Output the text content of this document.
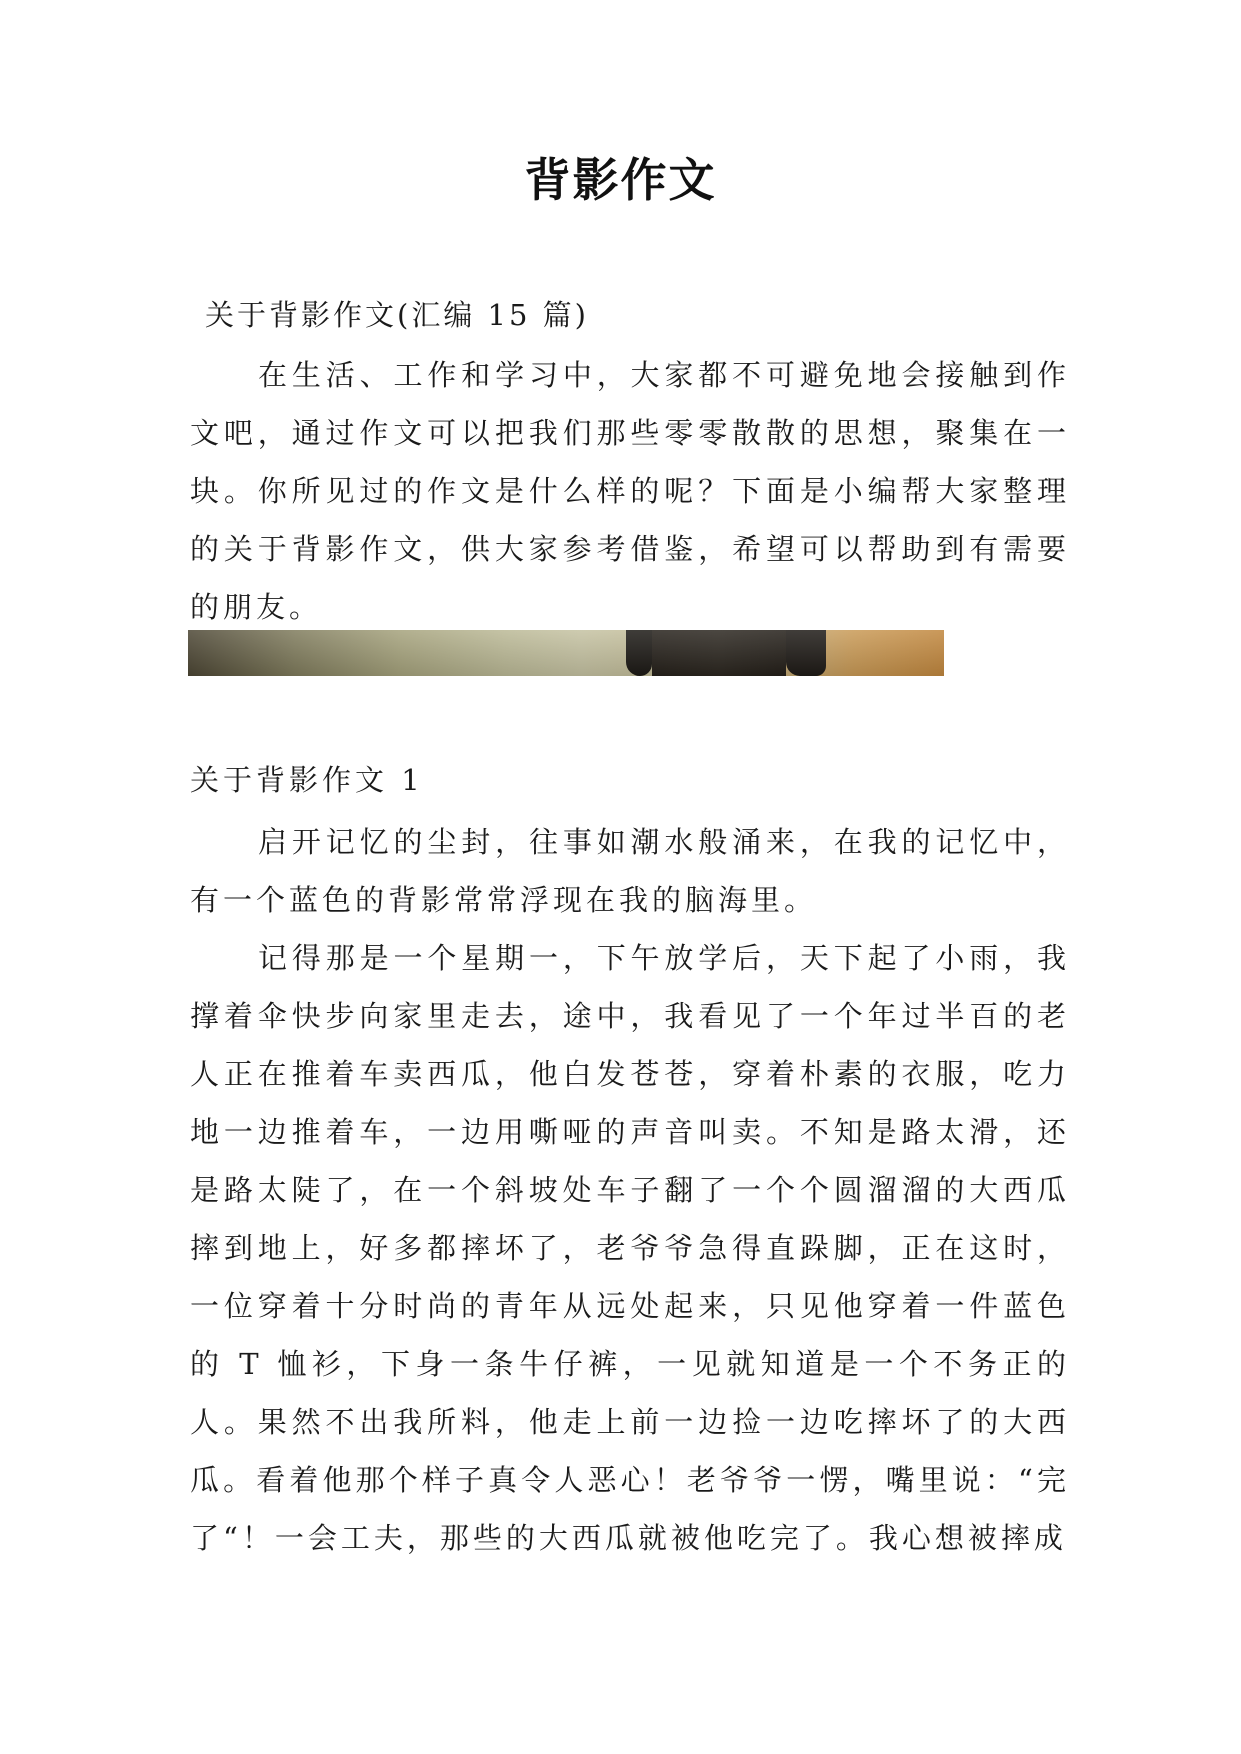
背影作文
关于背影作文(汇编 15 篇)
在生活、工作和学习中，大家都不可避免地会接触到作文吧，通过作文可以把我们那些零零散散的思想，聚集在一块。你所见过的作文是什么样的呢？下面是小编帮大家整理的关于背影作文，供大家参考借鉴，希望可以帮助到有需要的朋友。
关于背影作文 1

启开记忆的尘封，往事如潮水般涌来，在我的记忆中，有一个蓝色的背影常常浮现在我的脑海里。

记得那是一个星期一，下午放学后，天下起了小雨，我撑着伞快步向家里走去，途中，我看见了一个年过半百的老人正在推着车卖西瓜，他白发苍苍，穿着朴素的衣服，吃力地一边推着车，一边用嘶哑的声音叫卖。不知是路太滑，还是路太陡了，在一个斜坡处车子翻了一个个圆溜溜的大西瓜摔到地上，好多都摔坏了，老爷爷急得直跺脚，正在这时，一位穿着十分时尚的青年从远处起来，只见他穿着一件蓝色的 T 恤衫，下身一条牛仔裤，一见就知道是一个不务正的人。果然不出我所料，他走上前一边捡一边吃摔坏了的大西瓜。看着他那个样子真令人恶心！老爷爷一愣，嘴里说：“完了“！一会工夫，那些的大西瓜就被他吃完了。我心想被摔成
